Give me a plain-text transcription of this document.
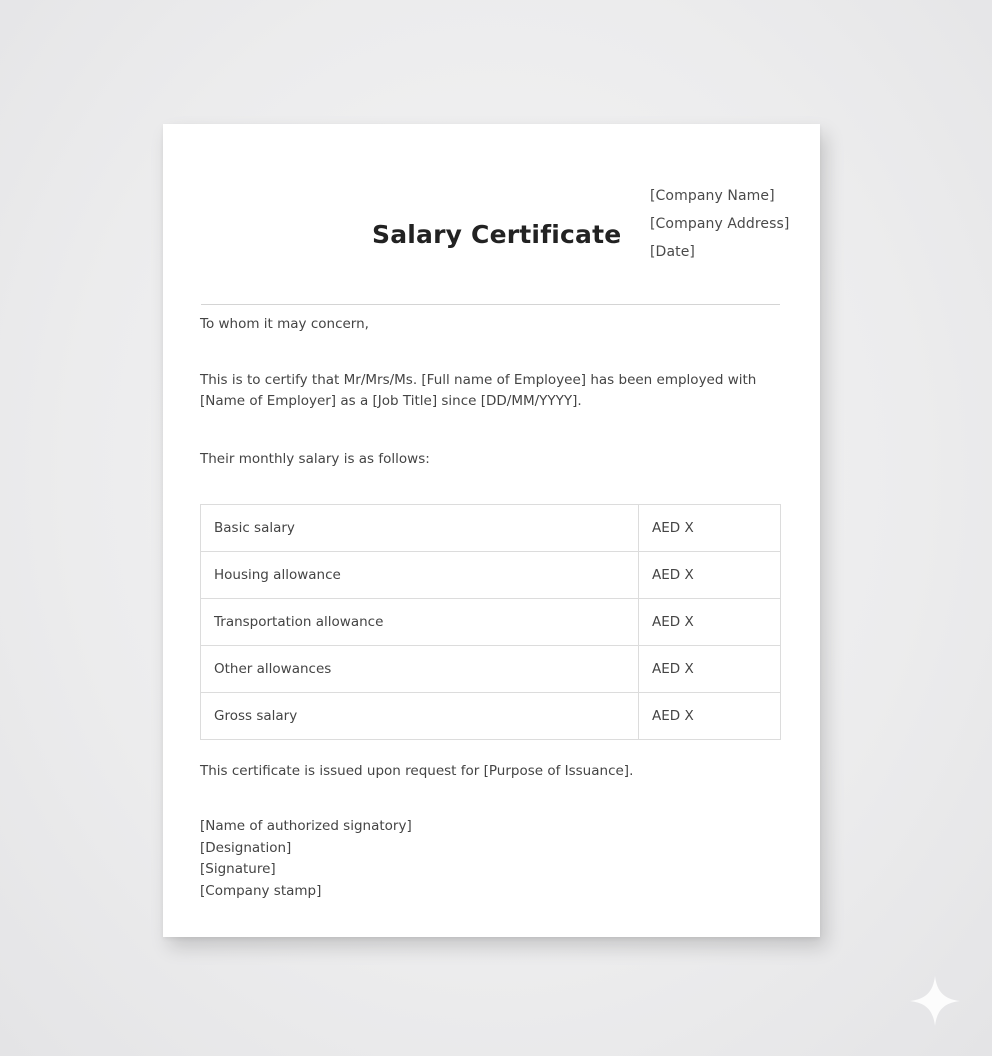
[Company Name]
[Company Address]
[Date]
Salary Certificate
To whom it may concern,
This is to certify that Mr/Mrs/Ms. [Full name of Employee] has been employed with [Name of Employer] as a [Job Title] since [DD/MM/YYYY].
Their monthly salary is as follows:
Basic salary	AED X
Housing allowance	AED X
Transportation allowance	AED X
Other allowances	AED X
Gross salary	AED X
This certificate is issued upon request for [Purpose of Issuance].
[Name of authorized signatory]
[Designation]
[Signature]
[Company stamp]
